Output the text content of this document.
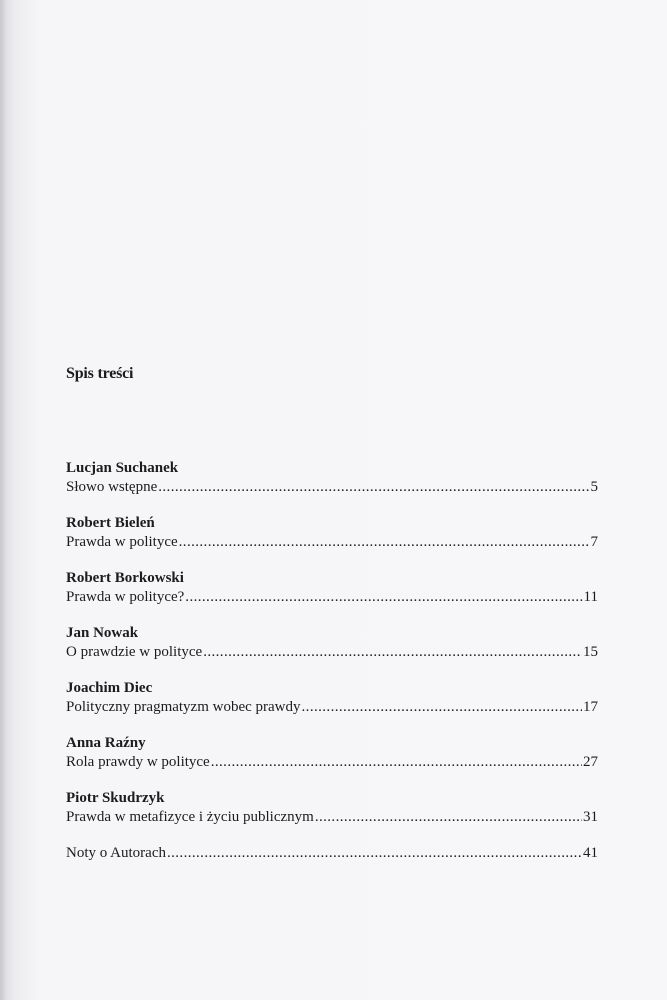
Spis treści
Lucjan Suchanek
Słowo wstępne .....	5
Robert Bieleń
Prawda w polityce .....	7
Robert Borkowski
Prawda w polityce? .....	11
Jan Nowak
O prawdzie w polityce .....	15
Joachim Diec
Polityczny pragmatyzm wobec prawdy .....	17
Anna Raźny
Rola prawdy w polityce .....	27
Piotr Skudrzyk
Prawda w metafizyce i życiu publicznym .....	31
Noty o Autorach .....	41
